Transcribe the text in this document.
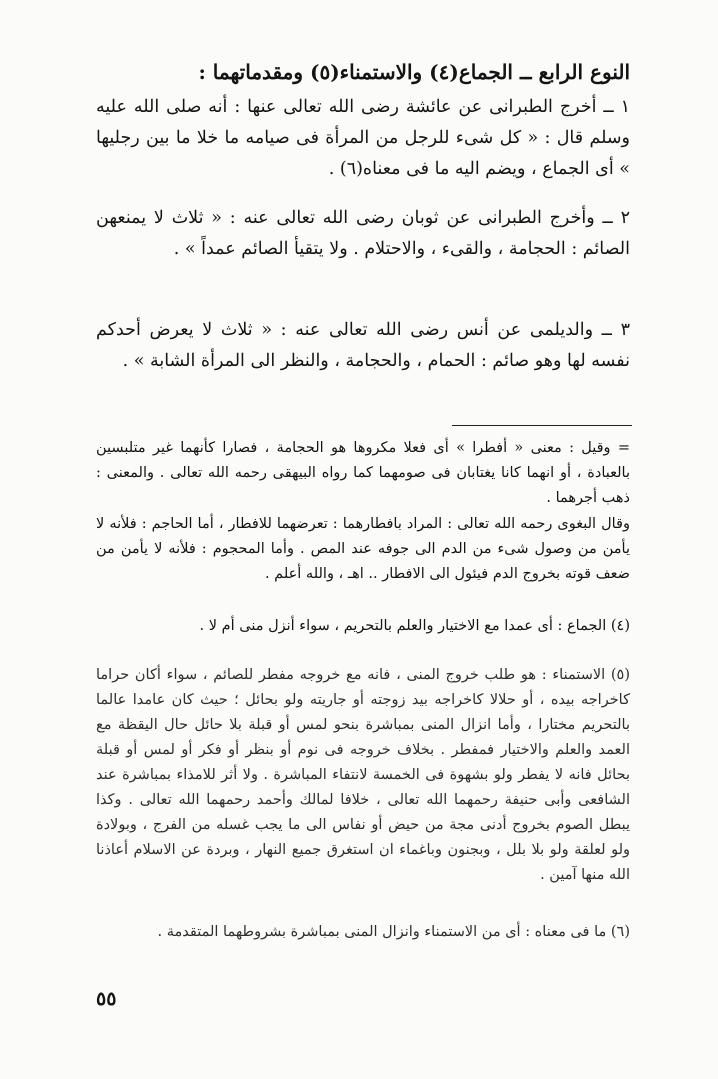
النوع الرابع ــ الجماع(٤) والاستمناء(٥) ومقدماتهما :
١ ــ أخرج الطبرانى عن عائشة رضى الله تعالى عنها : أنه صلى الله عليه وسلم قال : « كل شىء للرجل من المرأة فى صيامه ما خلا ما بين رجليها » أى الجماع ، ويضم اليه ما فى معناه(٦) .
٢ ــ وأخرج الطبرانى عن ثوبان رضى الله تعالى عنه : « ثلاث لا يمنعهن الصائم : الحجامة ، والقىء ، والاحتلام . ولا يتقيأ الصائم عمداً » .
٣ ــ والديلمى عن أنس رضى الله تعالى عنه : « ثلاث لا يعرض أحدكم نفسه لها وهو صائم : الحمام ، والحجامة ، والنظر الى المرأة الشابة » .
= وقيل : معنى « أفطرا » أى فعلا مكروها هو الحجامة ، فصارا كأنهما غير متلبسين بالعبادة ، أو انهما كانا يغتابان فى صومهما كما رواه البيهقى رحمه الله تعالى . والمعنى : ذهب أجرهما .
وقال البغوى رحمه الله تعالى : المراد بافطارهما : تعرضهما للافطار ، أما الحاجم : فلأنه لا يأمن من وصول شىء من الدم الى جوفه عند المص . وأما المحجوم : فلأنه لا يأمن من ضعف قوته بخروج الدم فيئول الى الافطار .. اهـ ، والله أعلم .
(٤) الجماع : أى عمدا مع الاختيار والعلم بالتحريم ، سواء أنزل منى أم لا .
(٥) الاستمناء : هو طلب خروج المنى ، فانه مع خروجه مفطر للصائم ، سواء أكان حراما كاخراجه بيده ، أو حلالا كاخراجه بيد زوجته أو جاريته ولو بحائل ؛ حيث كان عامدا عالما بالتحريم مختارا ، وأما انزال المنى بمباشرة بنحو لمس أو قبلة بلا حائل حال اليقظة مع العمد والعلم والاختيار فمفطر . بخلاف خروجه فى نوم أو بنظر أو فكر أو لمس أو قبلة بحائل فانه لا يفطر ولو بشهوة فى الخمسة لانتفاء المباشرة . ولا أثر للامذاء بمباشرة عند الشافعى وأبى حنيفة رحمهما الله تعالى ، خلافا لمالك وأحمد رحمهما الله تعالى . وكذا يبطل الصوم بخروج أدنى مجة من حيض أو نفاس الى ما يجب غسله من الفرج ، وبولادة ولو لعلقة ولو بلا بلل ، وبجنون وباغماء ان استغرق جميع النهار ، وبردة عن الاسلام أعاذنا الله منها آمين .
(٦) ما فى معناه : أى من الاستمناء وانزال المنى بمباشرة بشروطهما المتقدمة .
٥٥
